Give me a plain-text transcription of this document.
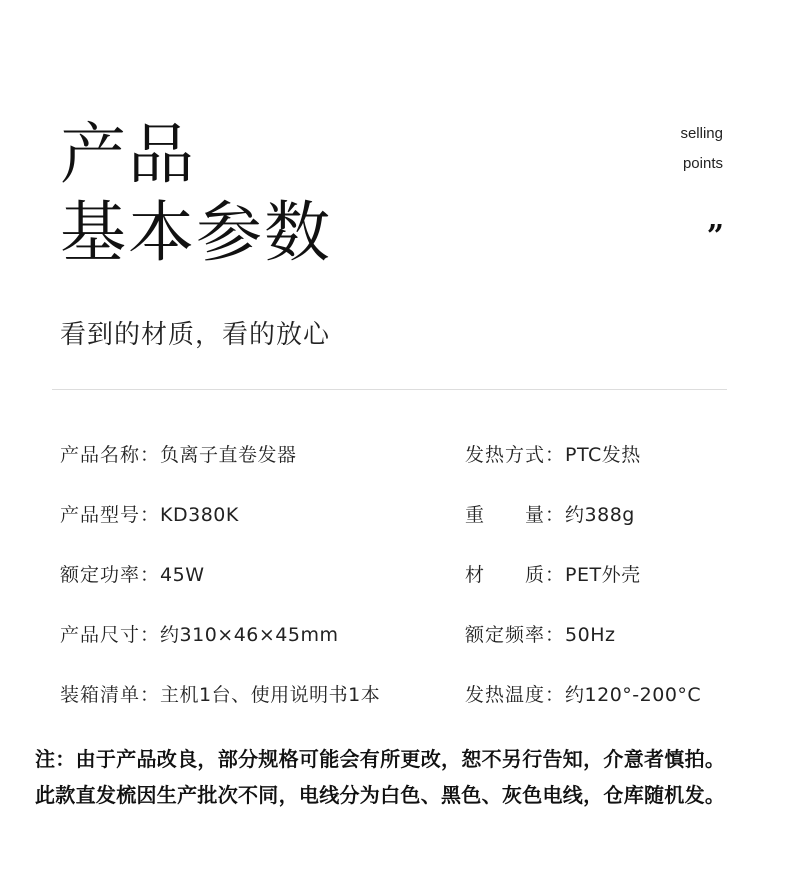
产品
基本参数
selling
points
”
看到的材质，看的放心
产品名称：负离子直卷发器
产品型号：KD380K
额定功率：45W
产品尺寸：约310×46×45mm
装箱清单：主机1台、使用说明书1本
发热方式：PTC发热
重　　量：约388g
材　　质：PET外壳
额定频率：50Hz
发热温度：约120°-200°C
注：由于产品改良，部分规格可能会有所更改，恕不另行告知，介意者慎拍。
此款直发梳因生产批次不同，电线分为白色、黑色、灰色电线，仓库随机发。
